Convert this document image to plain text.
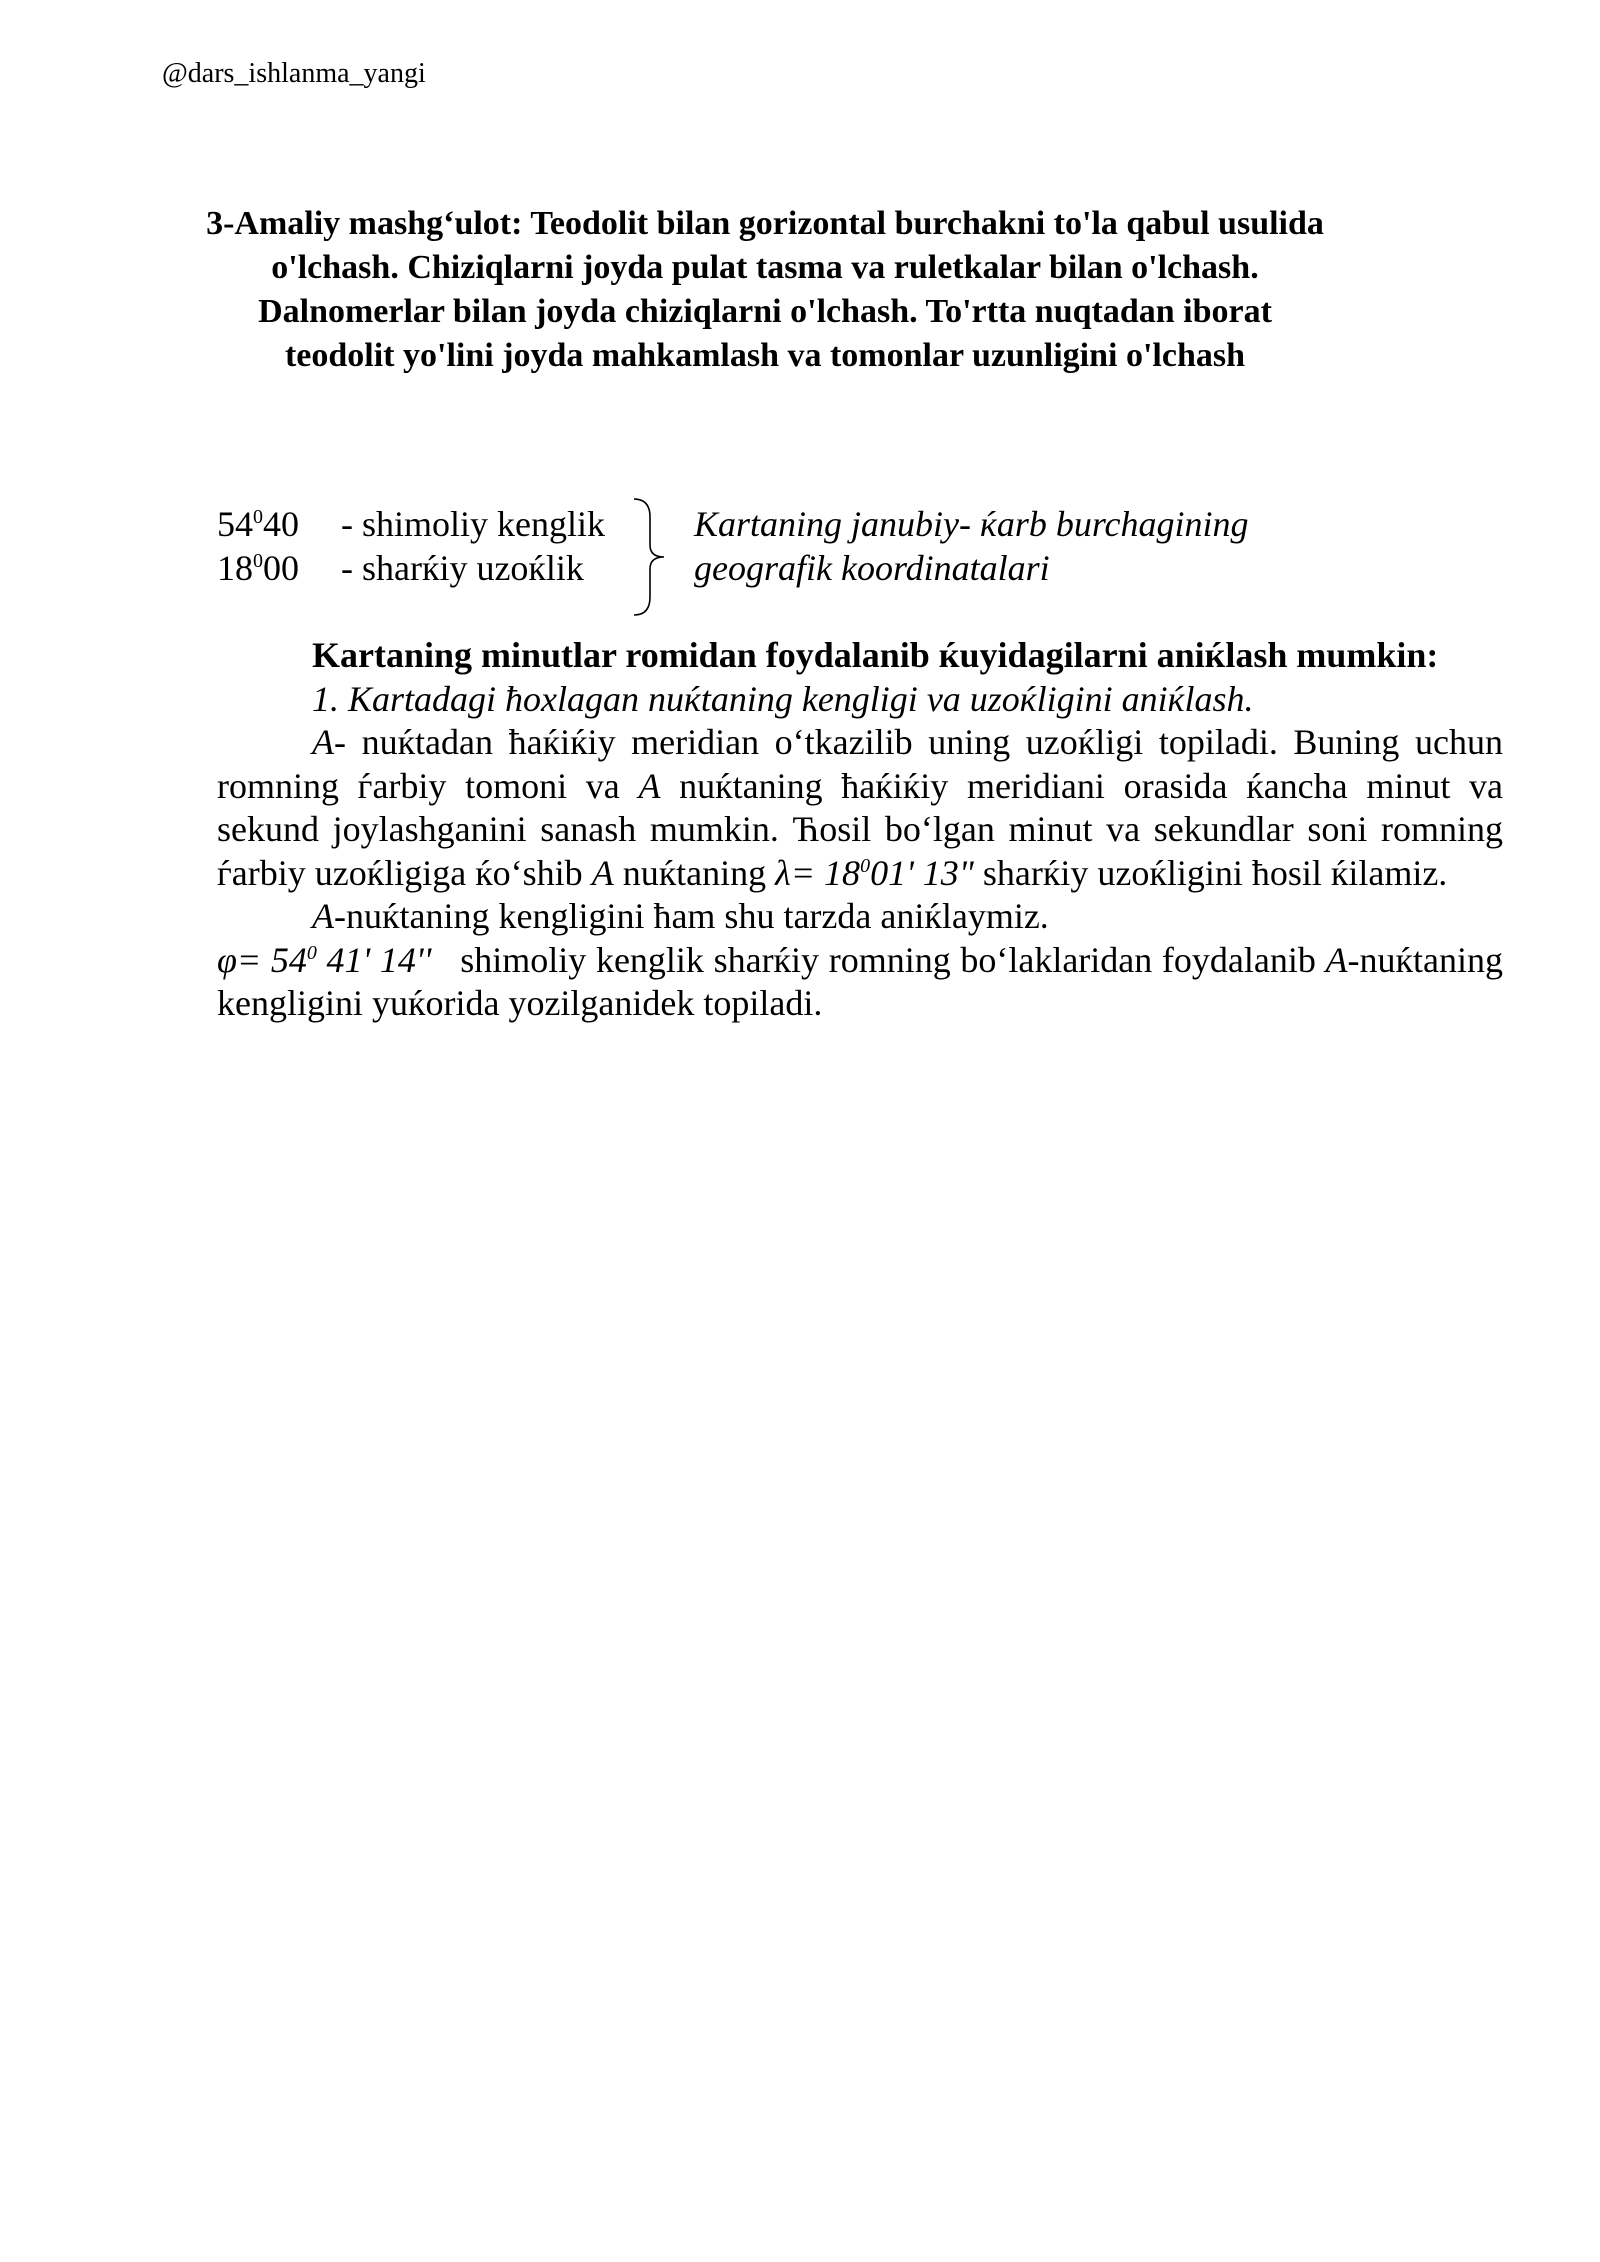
@dars_ishlanma_yangi
3-Amaliy mashg‘ulot: Teodolit bilan gorizontal burchakni to'la qabul usulida o'lchash. Chiziqlarni joyda pulat tasma va ruletkalar bilan o'lchash. Dalnomerlar bilan joyda chiziqlarni o'lchash. To'rtta nuqtadan iborat teodolit yo'lini joyda mahkamlash va tomonlar uzunligini o'lchash
$54^040$ - shimoliy kenglik Kartaning janubiy- ќarb burchagining
$18^000$ - sharќiy uzoќlik	geografik koordinatalari

Kartaning minutlar romidan foydalanib ќuyidagilarni aniќlash mumkin:

1. Kartadagi ћoxlagan nuќtaning kengligi va uzoќligini aniќlash.

A- nuќtadan ћaќiќiy meridian o‘tkazilib uning uzoќligi topiladi. Buning uchun romning ѓarbiy tomoni va A nuќtaning ћaќiќiy meridiani orasida ќancha minut va sekund joylashganini sanash mumkin. Ћosil bo‘lgan minut va sekundlar soni romning ѓarbiy uzoќligiga ќo‘shib A nuќtaning $\lambda= 18^001'$ 13" sharќiy uzoќligini ћosil ќilamiz.

A-nuќtaning kengligini ћam shu tarzda aniќlaymiz.

$\varphi= 54^0$ 41' 14''   shimoliy kenglik sharќiy romning bo‘laklaridan foydalanib A-nuќtaning kengligini yuќorida yozilganidek topiladi.
